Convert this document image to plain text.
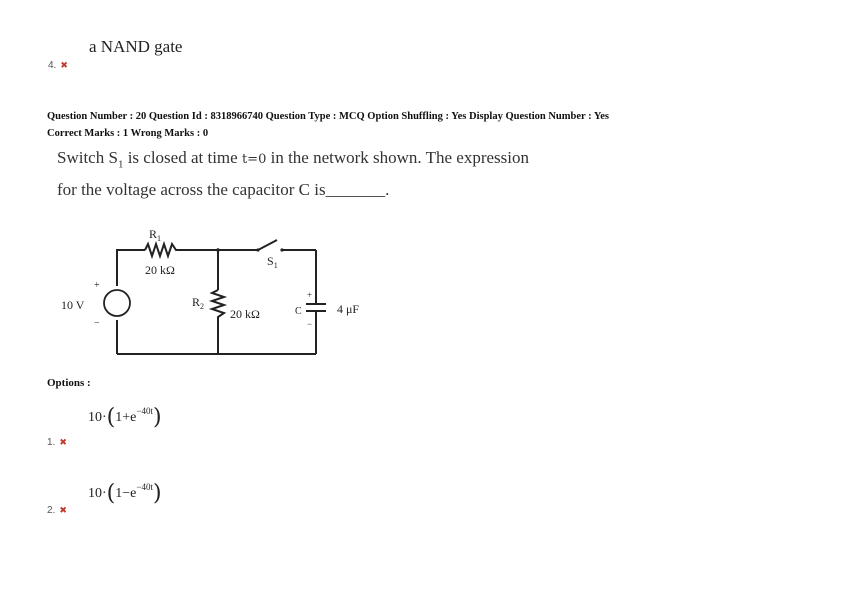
a NAND gate
4. ✖
Question Number : 20 Question Id : 8318966740 Question Type : MCQ Option Shuffling : Yes Display Question Number : Yes
Correct Marks : 1 Wrong Marks : 0
Switch $S_1$ is closed at time t=0 in the network shown. The expression
for the voltage across the capacitor C is_______.
$R_1$
20 kΩ
$S_1$
10 V
+
−
$R_2$
20 kΩ
+
C
−
4 μF
Options :
$10\cdot(1+e^{-40t})$
1. ✖
$10\cdot(1-e^{-40t})$
2. ✖
